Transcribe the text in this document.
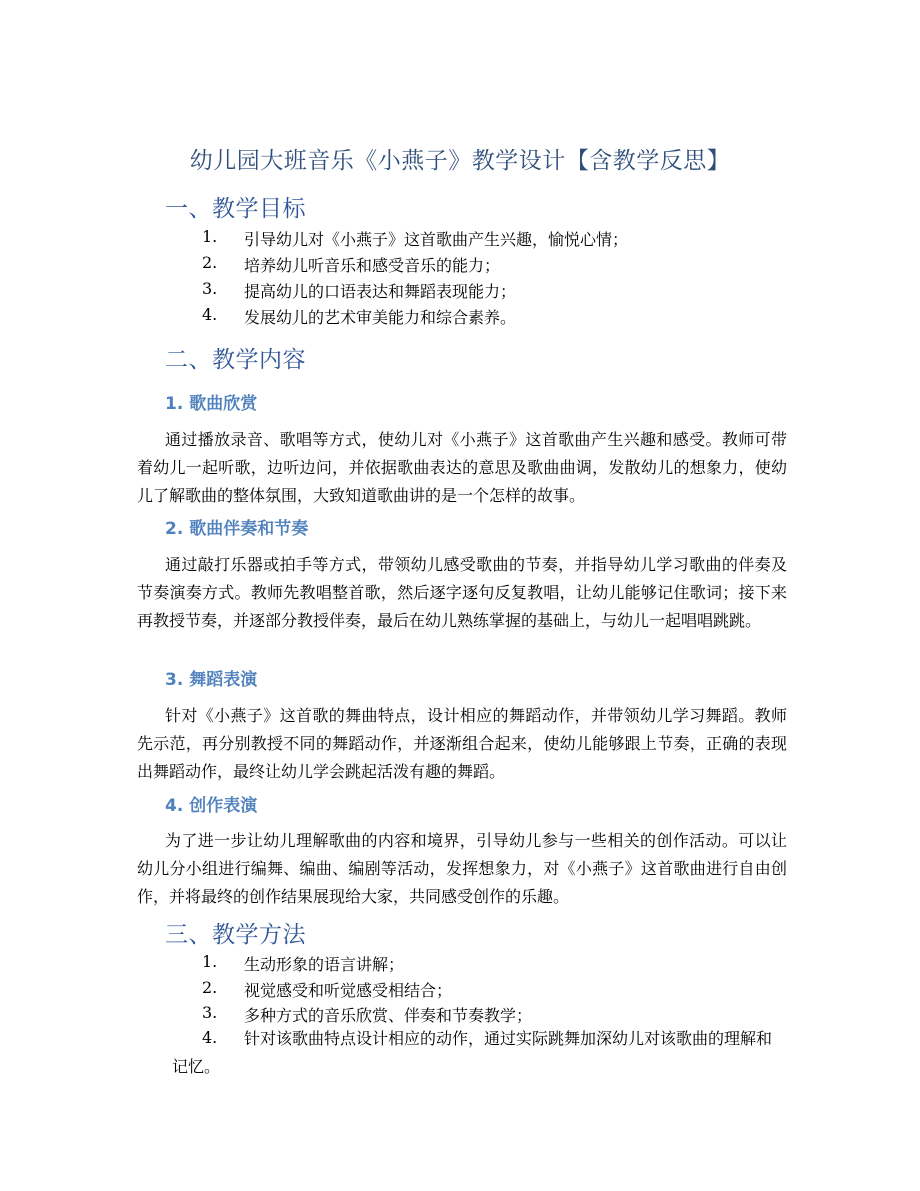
幼儿园大班音乐《小燕子》教学设计【含教学反思】
一、教学目标
1. 引导幼儿对《小燕子》这首歌曲产生兴趣，愉悦心情；
2. 培养幼儿听音乐和感受音乐的能力；
3. 提高幼儿的口语表达和舞蹈表现能力；
4. 发展幼儿的艺术审美能力和综合素养。
二、教学内容
1. 歌曲欣赏
通过播放录音、歌唱等方式，使幼儿对《小燕子》这首歌曲产生兴趣和感受。教师可带着幼儿一起听歌，边听边问，并依据歌曲表达的意思及歌曲曲调，发散幼儿的想象力，使幼儿了解歌曲的整体氛围，大致知道歌曲讲的是一个怎样的故事。
2. 歌曲伴奏和节奏
通过敲打乐器或拍手等方式，带领幼儿感受歌曲的节奏，并指导幼儿学习歌曲的伴奏及节奏演奏方式。教师先教唱整首歌，然后逐字逐句反复教唱，让幼儿能够记住歌词；接下来再教授节奏，并逐部分教授伴奏，最后在幼儿熟练掌握的基础上，与幼儿一起唱唱跳跳。
3. 舞蹈表演
针对《小燕子》这首歌的舞曲特点，设计相应的舞蹈动作，并带领幼儿学习舞蹈。教师先示范，再分别教授不同的舞蹈动作，并逐渐组合起来，使幼儿能够跟上节奏，正确的表现出舞蹈动作，最终让幼儿学会跳起活泼有趣的舞蹈。
4. 创作表演
为了进一步让幼儿理解歌曲的内容和境界，引导幼儿参与一些相关的创作活动。可以让幼儿分小组进行编舞、编曲、编剧等活动，发挥想象力，对《小燕子》这首歌曲进行自由创作，并将最终的创作结果展现给大家，共同感受创作的乐趣。
三、教学方法
1. 生动形象的语言讲解；
2. 视觉感受和听觉感受相结合；
3. 多种方式的音乐欣赏、伴奏和节奏教学；
4.	针对该歌曲特点设计相应的动作，通过实际跳舞加深幼儿对该歌曲的理解和记忆。
